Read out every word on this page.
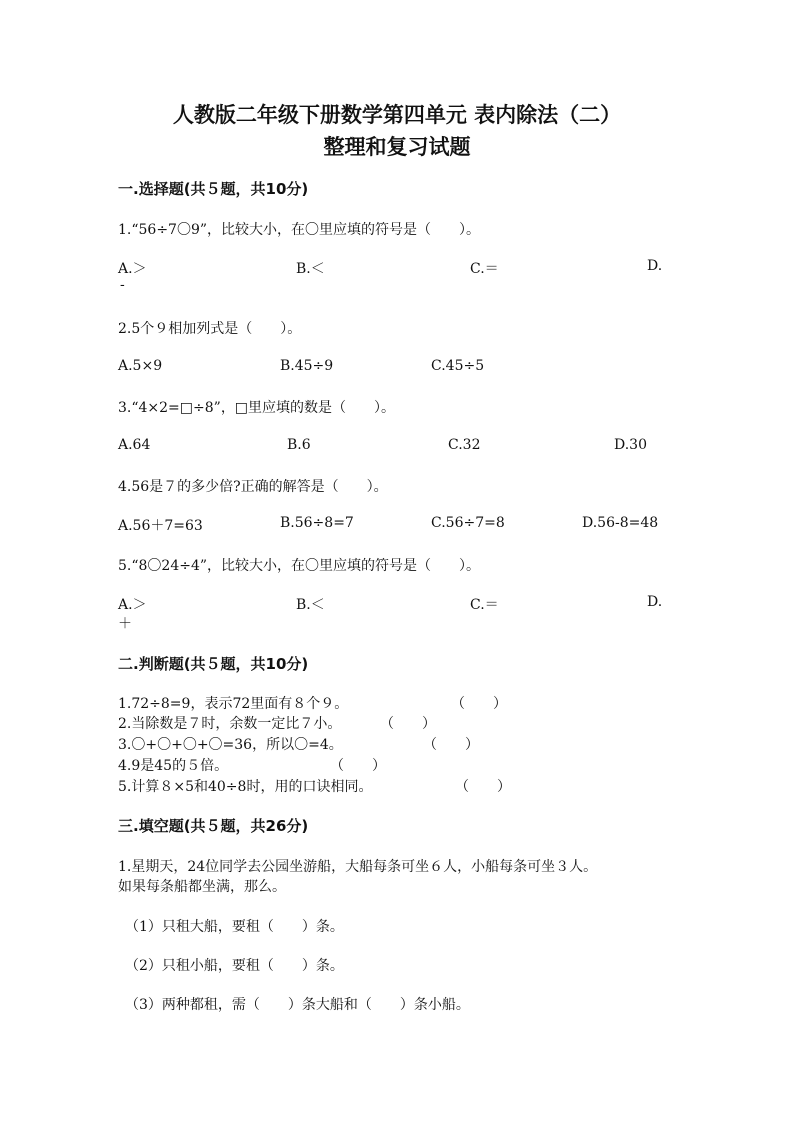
人教版二年级下册数学第四单元 表内除法（二）
整理和复习试题
一.选择题(共５题，共10分)
1.“56÷7〇9”，比较大小，在〇里应填的符号是（　　）。
A.＞	B.＜	C.＝	D.
-
2.5个９相加列式是（　　）。
A.5×9	B.45÷9	C.45÷5
3.“4×2=□÷8”，□里应填的数是（　　）。
A.64	B.6	C.32	D.30
4.56是７的多少倍?正确的解答是（　　）。
A.56＋7=63	B.56÷8=7	C.56÷7=8	D.56-8=48
5.“8〇24÷4”，比较大小，在〇里应填的符号是（　　）。
A.＞	B.＜	C.＝	D.
＋
二.判断题(共５题，共10分)
1.72÷8=9，表示72里面有８个９。	（　　）
2.当除数是７时，余数一定比７小。	（　　）
3.〇+〇+〇+〇=36，所以〇=4。	（　　）
4.9是45的５倍。	（　　）
5.计算８×5和40÷8时，用的口诀相同。	（　　）
三.填空题(共５题，共26分)
1.星期天，24位同学去公园坐游船，大船每条可坐６人，小船每条可坐３人。
如果每条船都坐满，那么。
（1）只租大船，要租（　　）条。
（2）只租小船，要租（　　）条。
（3）两种都租，需（　　）条大船和（　　）条小船。
